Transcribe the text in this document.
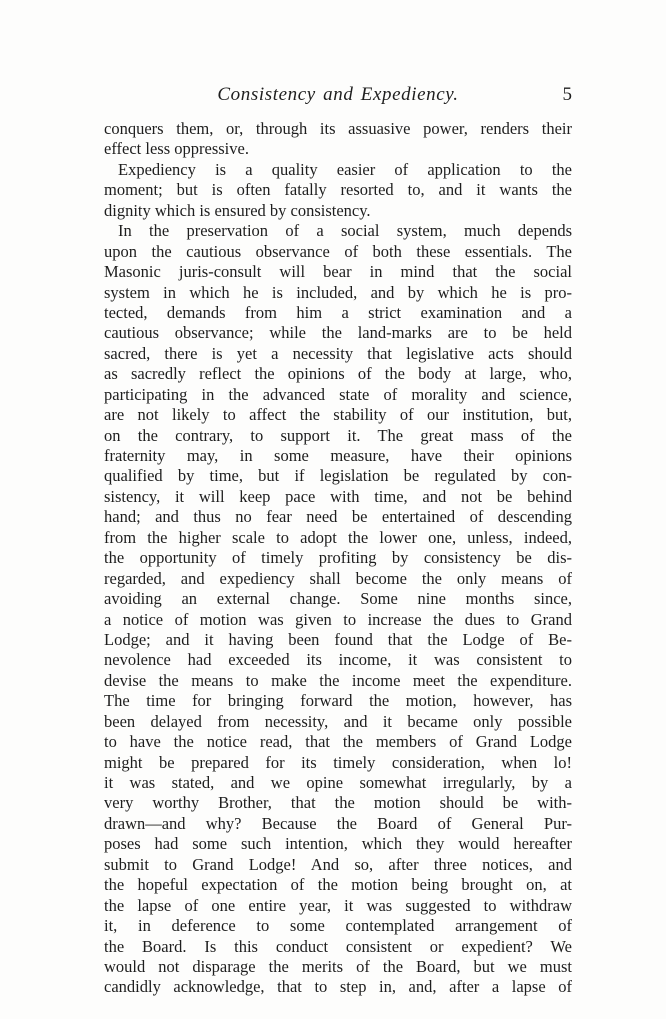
Consistency and Expediency.	5
conquers them, or, through its assuasive power, renders their
effect less oppressive.
Expediency is a quality easier of application to the
moment; but is often fatally resorted to, and it wants the
dignity which is ensured by consistency.
In the preservation of a social system, much depends
upon the cautious observance of both these essentials. The
Masonic juris-consult will bear in mind that the social
system in which he is included, and by which he is pro-
tected, demands from him a strict examination and a
cautious observance; while the land-marks are to be held
sacred, there is yet a necessity that legislative acts should
as sacredly reflect the opinions of the body at large, who,
participating in the advanced state of morality and science,
are not likely to affect the stability of our institution, but,
on the contrary, to support it. The great mass of the
fraternity may, in some measure, have their opinions
qualified by time, but if legislation be regulated by con-
sistency, it will keep pace with time, and not be behind
hand; and thus no fear need be entertained of descending
from the higher scale to adopt the lower one, unless, indeed,
the opportunity of timely profiting by consistency be dis-
regarded, and expediency shall become the only means of
avoiding an external change. Some nine months since,
a notice of motion was given to increase the dues to Grand
Lodge; and it having been found that the Lodge of Be-
nevolence had exceeded its income, it was consistent to
devise the means to make the income meet the expenditure.
The time for bringing forward the motion, however, has
been delayed from necessity, and it became only possible
to have the notice read, that the members of Grand Lodge
might be prepared for its timely consideration, when lo!
it was stated, and we opine somewhat irregularly, by a
very worthy Brother, that the motion should be with-
drawn—and why? Because the Board of General Pur-
poses had some such intention, which they would hereafter
submit to Grand Lodge! And so, after three notices, and
the hopeful expectation of the motion being brought on, at
the lapse of one entire year, it was suggested to withdraw
it, in deference to some contemplated arrangement of
the Board. Is this conduct consistent or expedient? We
would not disparage the merits of the Board, but we must
candidly acknowledge, that to step in, and, after a lapse of
